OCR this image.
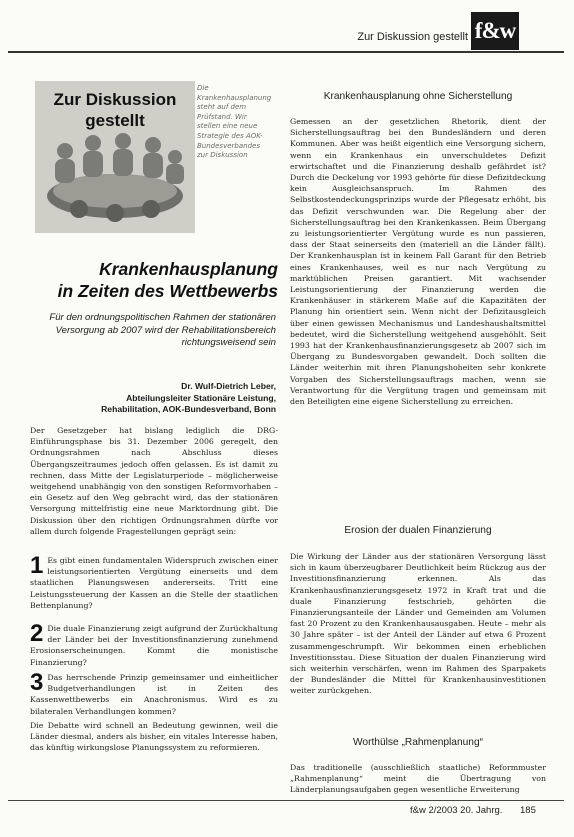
Zur Diskussion gestellt f&w
Zur Diskussion
gestellt
Die Krankenhausplanung steht auf dem Prüfstand. Wir stellen eine neue Strategie des AOK-Bundesverbandes zur Diskussion
Krankenhausplanung
in Zeiten des Wettbewerbs
Für den ordnungspolitischen Rahmen der stationären Versorgung ab 2007 wird der Rehabilitationsbereich richtungsweisend sein
Dr. Wulf-Dietrich Leber,
Abteilungsleiter Stationäre Leistung,
Rehabilitation, AOK-Bundesverband, Bonn
Der Gesetzgeber hat bislang lediglich die DRG-Einführungsphase bis 31. Dezember 2006 geregelt, den Ordnungsrahmen nach Abschluss dieses Übergangszeitraumes jedoch offen gelassen. Es ist damit zu rechnen, dass Mitte der Legislaturperiode – möglicherweise weitgehend unabhängig von den sonstigen Reformvorhaben – ein Gesetz auf den Weg gebracht wird, das der stationären Versorgung mittelfristig eine neue Marktordnung gibt. Die Diskussion über den richtigen Ordnungsrahmen dürfte vor allem durch folgende Fragestellungen geprägt sein:
1 Es gibt einen fundamentalen Widerspruch zwischen einer leistungsorientierten Vergütung einerseits und dem staatlichen Planungswesen andererseits. Tritt eine Leistungssteuerung der Kassen an die Stelle der staatlichen Bettenplanung?
2 Die duale Finanzierung zeigt aufgrund der Zurückhaltung der Länder bei der Investitionsfinanzierung zunehmend Erosionserscheinungen. Kommt die monistische Finanzierung?
3 Das herrschende Prinzip gemeinsamer und einheitlicher Budgetverhandlungen ist in Zeiten des Kassenwettbewerbs ein Anachronismus. Wird es zu bilateralen Verhandlungen kommen?
Die Debatte wird schnell an Bedeutung gewinnen, weil die Länder diesmal, anders als bisher, ein vitales Interesse haben, das künftig wirkungslose Planungssystem zu reformieren.
Krankenhausplanung ohne Sicherstellung
Gemessen an der gesetzlichen Rhetorik, dient der Sicherstellungsauftrag bei den Bundesländern und deren Kommunen. Aber was heißt eigentlich eine Versorgung sichern, wenn ein Krankenhaus ein unverschuldetes Defizit erwirtschaftet und die Finanzierung deshalb gefährdet ist? Durch die Deckelung vor 1993 gehörte für diese Defizitdeckung kein Ausgleichsanspruch. Im Rahmen des Selbstkostendeckungsprinzips wurde der Pflegesatz erhöht, bis das Defizit verschwunden war. Die Regelung aber der Sicherstellungsauftrag bei den Krankenkassen. Beim Übergang zu leistungsorientierter Vergütung wurde es nun passieren, dass der Staat seinerseits den (materiell an die Länder fällt). Der Krankenhausplan ist in keinem Fall Garant für den Betrieb eines Krankenhauses, weil es nur nach Vergütung zu marktüblichen Preisen garantiert. Mit wachsender Leistungsorientierung der Finanzierung werden die Krankenhäuser in stärkerem Maße auf die Kapazitäten der Planung hin orientiert sein. Wenn nicht der Defizitausgleich über einen gewissen Mechanismus und Landeshaushaltsmittel bedeutet, wird die Sicherstellung weitgehend ausgehöhlt. Seit 1993 hat der Krankenhausfinanzierungsgesetz ab 2007 sich im Übergang zu Bundesvorgaben gewandelt. Doch sollten die Länder weiterhin mit ihren Planungshoheiten sehr konkrete Vorgaben des Sicherstellungsauftrags machen, wenn sie Verantwortung für die Vergütung tragen und gemeinsam mit den Beteiligten eine eigene Sicherstellung zu erreichen.
Erosion der dualen Finanzierung
Die Wirkung der Länder aus der stationären Versorgung lässt sich in kaum überzeugbarer Deutlichkeit beim Rückzug aus der Investitionsfinanzierung erkennen. Als das Krankenhausfinanzierungsgesetz 1972 in Kraft trat und die duale Finanzierung festschrieb, gehörten die Finanzierungsanteile der Länder und Gemeinden am Volumen fast 20 Prozent zu den Krankenhausausgaben. Heute – mehr als 30 Jahre später – ist der Anteil der Länder auf etwa 6 Prozent zusammengeschrumpft. Wir bekommen einen erheblichen Investitionsstau. Diese Situation der dualen Finanzierung wird sich weiterhin verschärfen, wenn im Rahmen des Sparpakets der Bundesländer die Mittel für Krankenhausinvestitionen weiter zurückgehen.
Worthülse „Rahmenplanung“
Das traditionelle (ausschließlich staatliche) Reformmuster „Rahmenplanung“ meint die Übertragung von Länderplanungsaufgaben gegen wesentliche Erweiterung
f&w 2/2003 20. Jahrg. 185
